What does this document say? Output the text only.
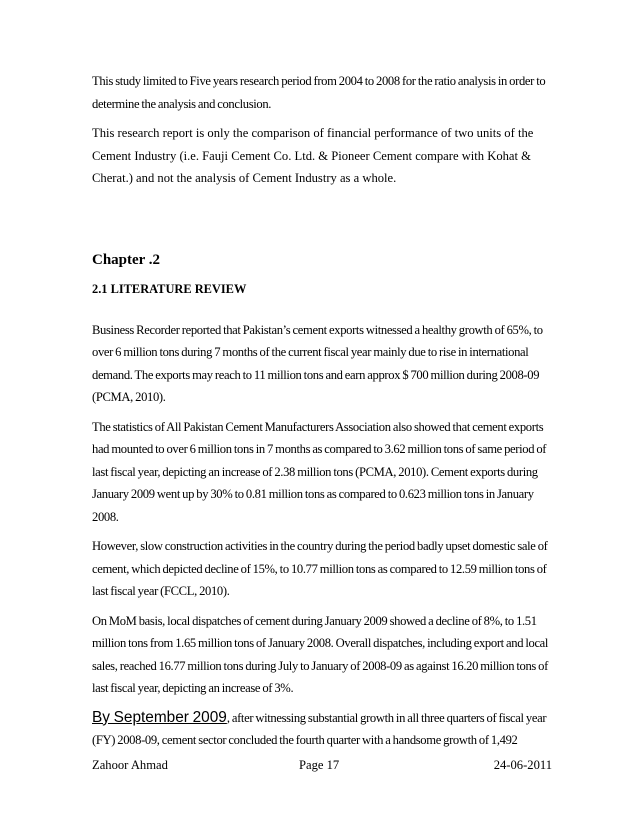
This study limited to Five years research period from 2004 to 2008 for the ratio analysis in order to determine the analysis and conclusion.

This research report is only the comparison of financial performance of two units of the Cement Industry (i.e. Fauji Cement Co. Ltd. & Pioneer Cement compare with Kohat & Cherat.) and not the analysis of Cement Industry as a whole.

Chapter .2
2.1 LITERATURE REVIEW

Business Recorder reported that Pakistan’s cement exports witnessed a healthy growth of 65%, to over 6 million tons during 7 months of the current fiscal year mainly due to rise in international demand. The exports may reach to 11 million tons and earn approx $ 700 million during 2008-09 (PCMA, 2010).

The statistics of All Pakistan Cement Manufacturers Association also showed that cement exports had mounted to over 6 million tons in 7 months as compared to 3.62 million tons of same period of last fiscal year, depicting an increase of 2.38 million tons (PCMA, 2010). Cement exports during January 2009 went up by 30% to 0.81 million tons as compared to 0.623 million tons in January 2008.

However, slow construction activities in the country during the period badly upset domestic sale of cement, which depicted decline of 15%, to 10.77 million tons as compared to 12.59 million tons of last fiscal year (FCCL, 2010).

On MoM basis, local dispatches of cement during January 2009 showed a decline of 8%, to 1.51 million tons from 1.65 million tons of January 2008. Overall dispatches, including export and local sales, reached 16.77 million tons during July to January of 2008-09 as against 16.20 million tons of last fiscal year, depicting an increase of 3%.

By September 2009, after witnessing substantial growth in all three quarters of fiscal year (FY) 2008-09, cement sector concluded the fourth quarter with a handsome growth of 1,492

Zahoor Ahmad	Page 17	24-06-2011
